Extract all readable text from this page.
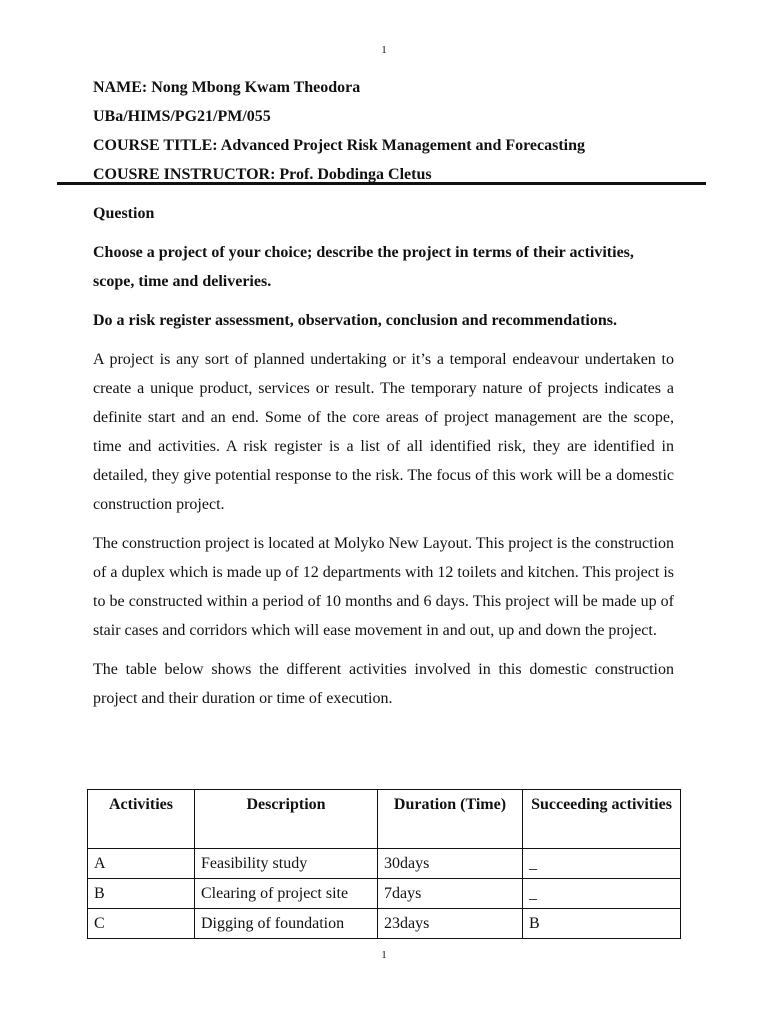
1
NAME: Nong Mbong Kwam Theodora
UBa/HIMS/PG21/PM/055
COURSE TITLE: Advanced Project Risk Management and Forecasting
COUSRE INSTRUCTOR: Prof. Dobdinga Cletus

Question

Choose a project of your choice; describe the project in terms of their activities, scope, time and deliveries.

Do a risk register assessment, observation, conclusion and recommendations.

A project is any sort of planned undertaking or it’s a temporal endeavour undertaken to create a unique product, services or result. The temporary nature of projects indicates a definite start and an end. Some of the core areas of project management are the scope, time and activities. A risk register is a list of all identified risk, they are identified in detailed, they give potential response to the risk. The focus of this work will be a domestic construction project.

The construction project is located at Molyko New Layout. This project is the construction of a duplex which is made up of 12 departments with 12 toilets and kitchen. This project is to be constructed within a period of 10 months and 6 days. This project will be made up of stair cases and corridors which will ease movement in and out, up and down the project.

The table below shows the different activities involved in this domestic construction project and their duration or time of execution.

Activities	Description	Duration (Time)	Succeeding activities
A	Feasibility study	30days	_
B	Clearing of project site	7days	_
C	Digging of foundation	23days	B
1
